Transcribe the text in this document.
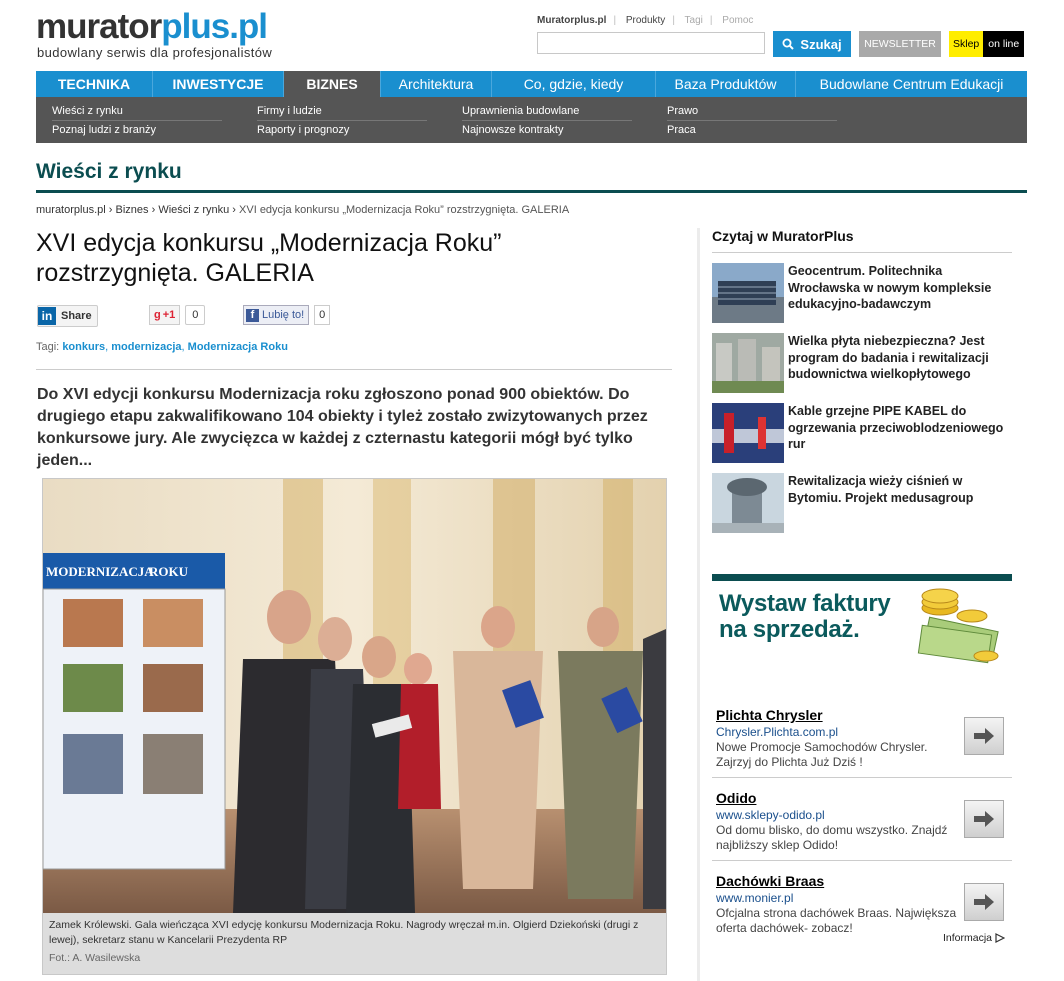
muratorplus.pl
budowlany serwis dla profesjonalistów
Muratorplus.pl | Produkty | Tagi | Pomoc
Szukaj	NEWSLETTER	Sklep on line
TECHNIKA	INWESTYCJE	BIZNES	Architektura	Co, gdzie, kiedy	Baza Produktów	Budowlane Centrum Edukacji
Wieści z rynku
Poznaj ludzi z branży
Firmy i ludzie
Raporty i prognozy
Uprawnienia budowlane
Najnowsze kontrakty
Prawo
Praca
Wieści z rynku
muratorplus.pl › Biznes › Wieści z rynku › XVI edycja konkursu „Modernizacja Roku” rozstrzygnięta. GALERIA
XVI edycja konkursu „Modernizacja Roku” rozstrzygnięta. GALERIA
in Share	g +1	0	f Lubię to!	0
Tagi: konkurs, modernizacja, Modernizacja Roku

Do XVI edycji konkursu Modernizacja roku zgłoszono ponad 900 obiektów. Do drugiego etapu zakwalifikowano 104 obiekty i tyleż zostało zwizytowanych przez konkursowe jury. Ale zwycięzca w każdej z czternastu kategorii mógł być tylko jeden...

MODERNIZACJA
ROKU
Zamek Królewski. Gala wieńcząca XVI edycję konkursu Modernizacja Roku. Nagrody wręczał m.in. Olgierd Dziekoński (drugi z lewej), sekretarz stanu w Kancelarii Prezydenta RP
Fot.: A. Wasilewska
Czytaj w MuratorPlus
Geocentrum. Politechnika Wrocławska w nowym kompleksie edukacyjno-badawczym
Wielka płyta niebezpieczna? Jest program do badania i rewitalizacji budownictwa wielkopłytowego
Kable grzejne PIPE KABEL do ogrzewania przeciwoblodzeniowego rur
Rewitalizacja wieży ciśnień w Bytomiu. Projekt medusagroup
Wystaw faktury
na sprzedaż.
Plichta Chrysler
Chrysler.Plichta.com.pl
Nowe Promocje Samochodów Chrysler. Zajrzyj do Plichta Już Dziś !
Odido
www.sklepy-odido.pl
Od domu blisko, do domu wszystko. Znajdź najbliższy sklep Odido!
Dachówki Braas
www.monier.pl
Ofcjalna strona dachówek Braas. Największa oferta dachówek- zobacz!
Informacja
